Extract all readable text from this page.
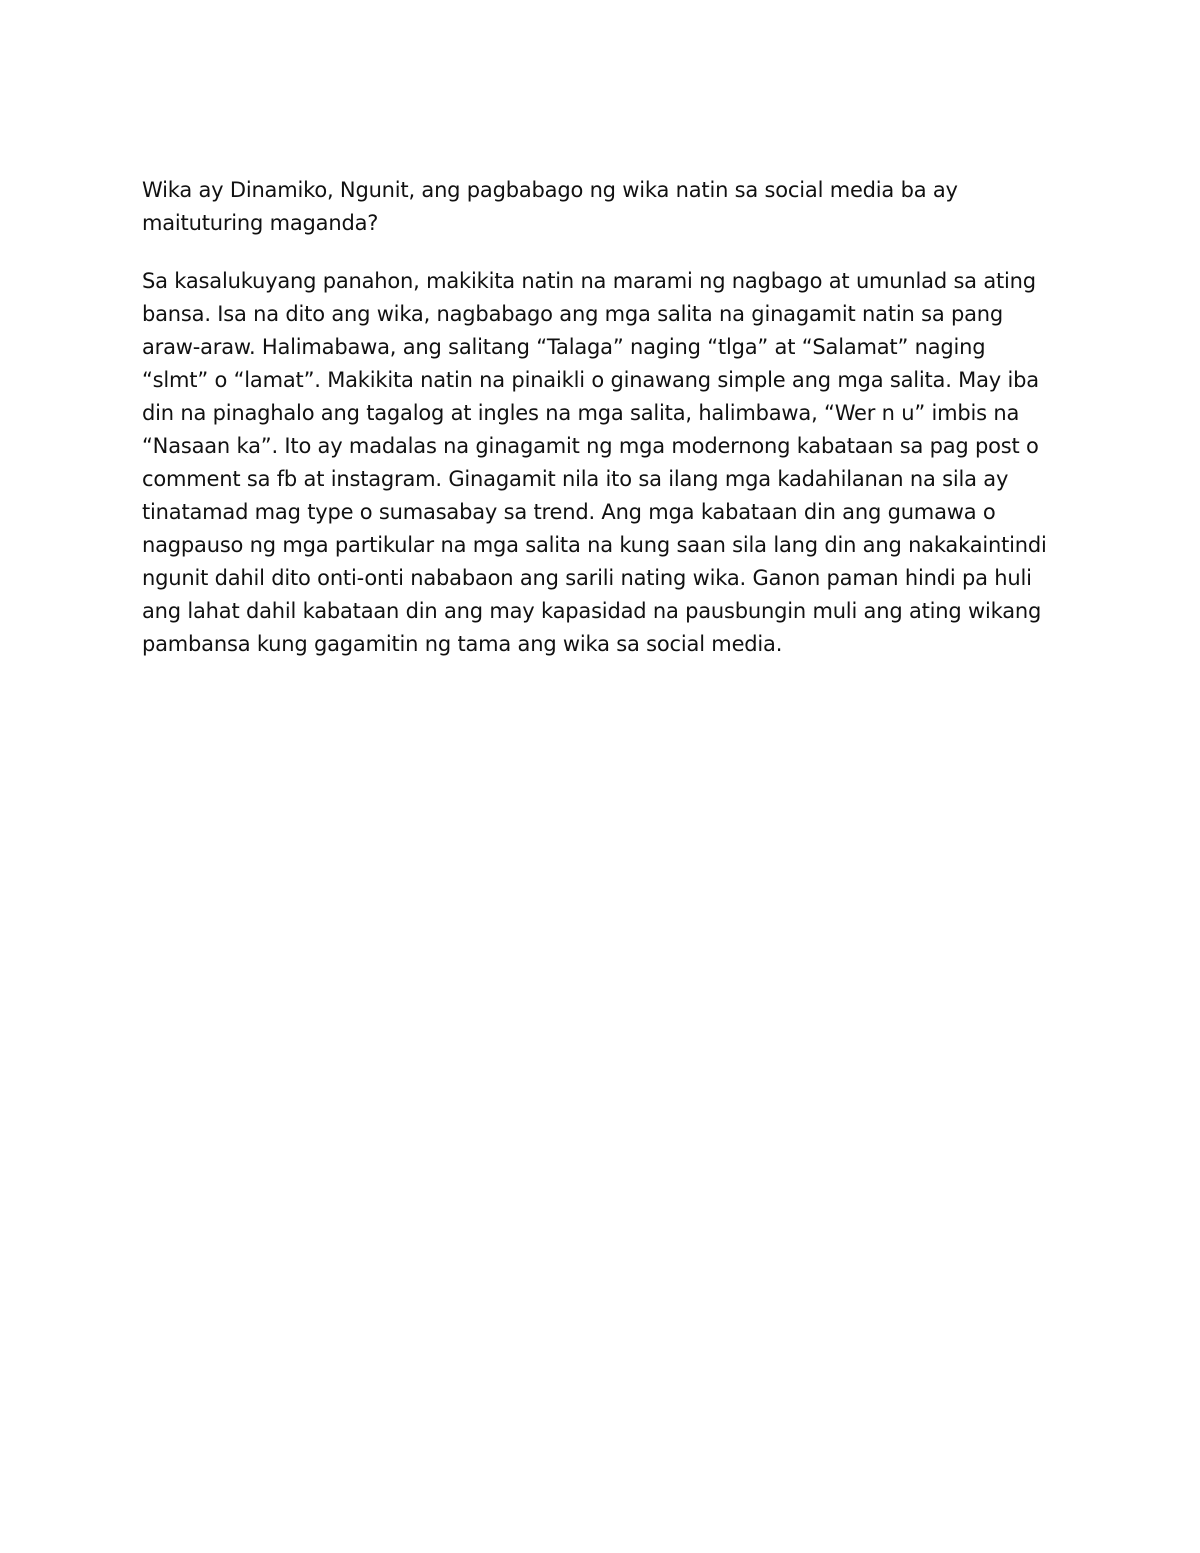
Wika ay Dinamiko, Ngunit, ang pagbabago ng wika natin sa social media ba ay
maituturing maganda?

Sa kasalukuyang panahon, makikita natin na marami ng nagbago at umunlad sa ating
bansa. Isa na dito ang wika, nagbabago ang mga salita na ginagamit natin sa pang
araw-araw. Halimabawa, ang salitang “Talaga” naging “tlga” at “Salamat” naging
“slmt” o “lamat”. Makikita natin na pinaikli o ginawang simple ang mga salita. May iba
din na pinaghalo ang tagalog at ingles na mga salita, halimbawa, “Wer n u” imbis na
“Nasaan ka”. Ito ay madalas na ginagamit ng mga modernong kabataan sa pag post o
comment sa fb at instagram. Ginagamit nila ito sa ilang mga kadahilanan na sila ay
tinatamad mag type o sumasabay sa trend. Ang mga kabataan din ang gumawa o
nagpauso ng mga partikular na mga salita na kung saan sila lang din ang nakakaintindi
ngunit dahil dito onti-onti nababaon ang sarili nating wika. Ganon paman hindi pa huli
ang lahat dahil kabataan din ang may kapasidad na pausbungin muli ang ating wikang
pambansa kung gagamitin ng tama ang wika sa social media.
